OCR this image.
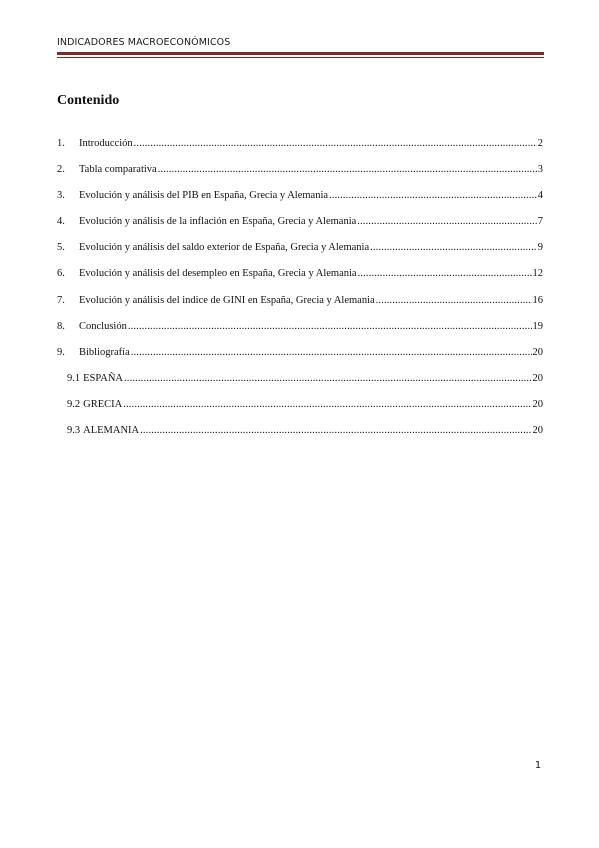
INDICADORES MACROECONÓMICOS
Contenido
1.	Introducción .....	2
2.	Tabla comparativa .....	3
3.	Evolución y análisis del PIB en España, Grecia y Alemania .....	4
4.	Evolución y análisis de la inflación en España, Grecia y Alemania .....	7
5.	Evolución y análisis del saldo exterior de España, Grecia y Alemania .....	9
6.	Evolución y análisis del desempleo en España, Grecia y Alemania .....	12
7.	Evolución y análisis del indice de GINI en España, Grecia y Alemania .....	16
8.	Conclusión .....	19
9.	Bibliografía .....	20
9.1 ESPAÑA .....	20
9.2 GRECIA .....	20
9.3 ALEMANIA .....	20
1
